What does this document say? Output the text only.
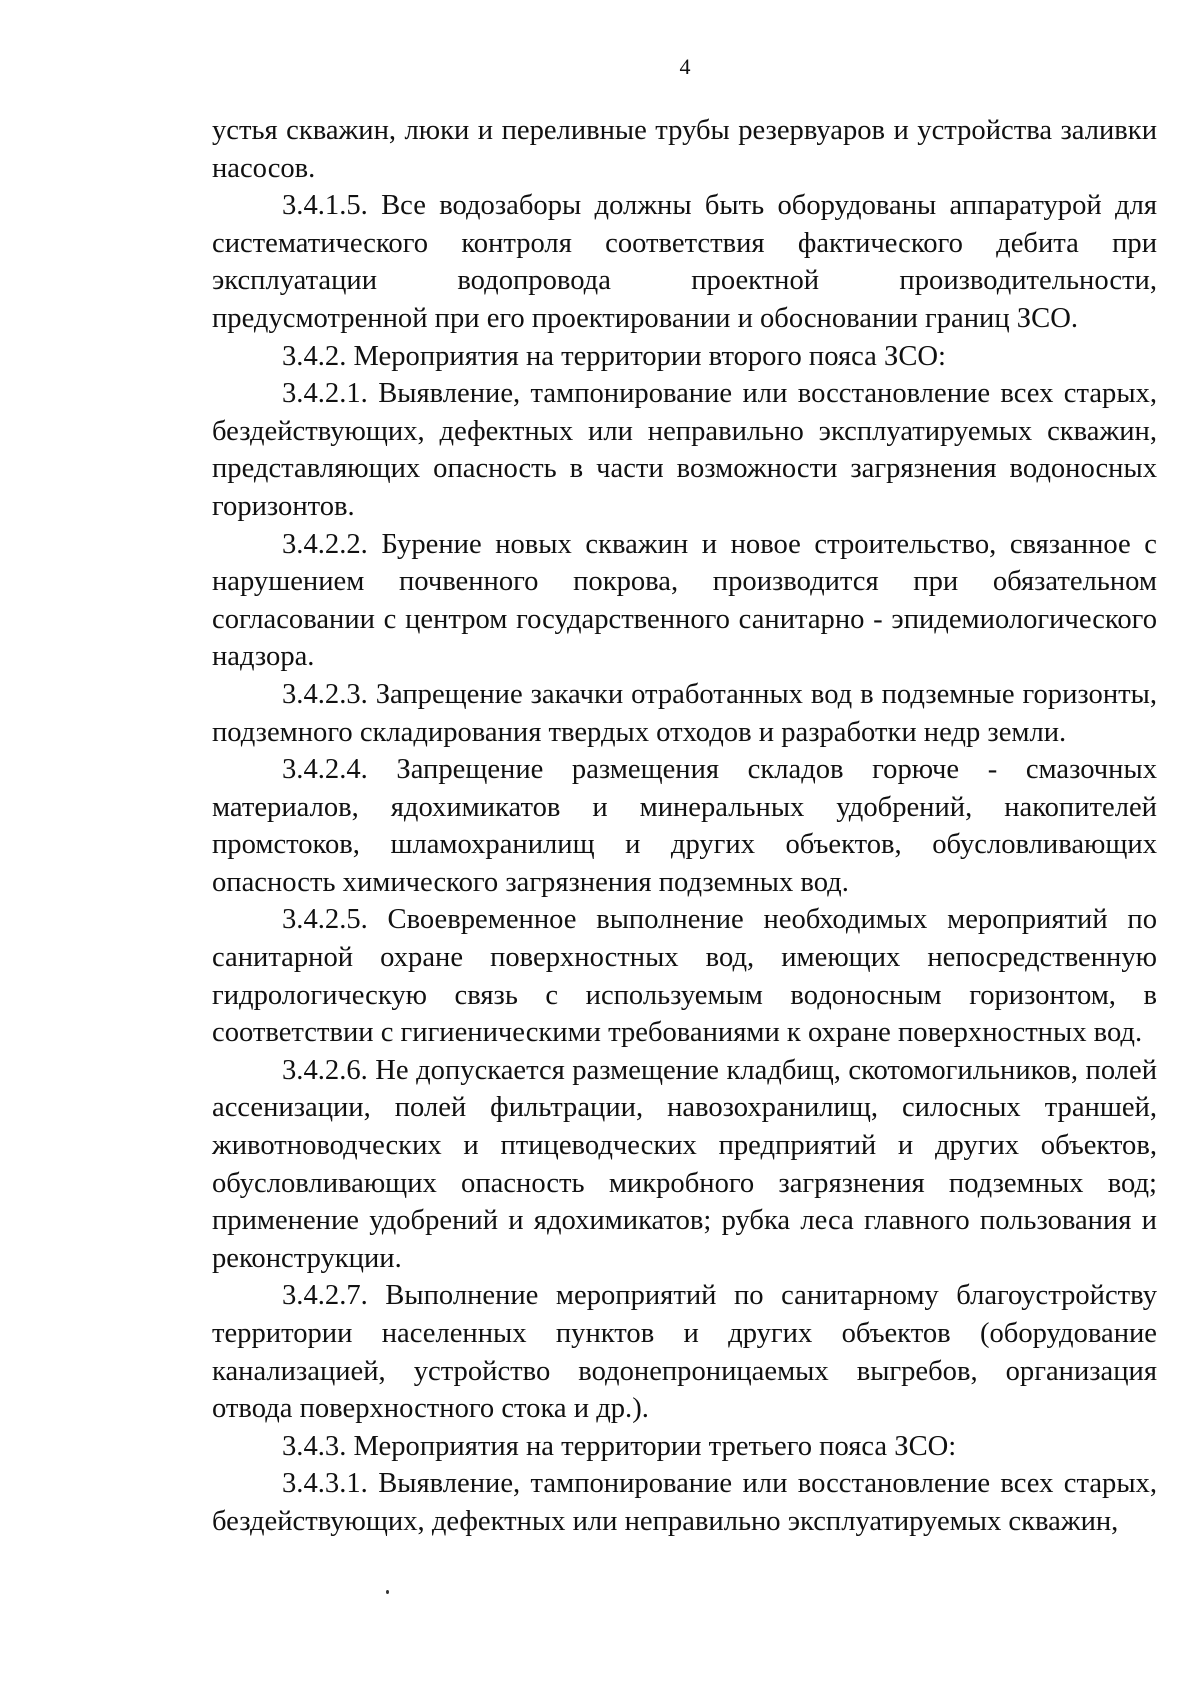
4

устья скважин, люки и переливные трубы резервуаров и устройства заливки насосов.

3.4.1.5. Все водозаборы должны быть оборудованы аппаратурой для систематического контроля соответствия фактического дебита при эксплуатации водопровода проектной производительности, предусмотренной при его проектировании и обосновании границ ЗСО.

3.4.2. Мероприятия на территории второго пояса ЗСО:

3.4.2.1. Выявление, тампонирование или восстановление всех старых, бездействующих, дефектных или неправильно эксплуатируемых скважин, представляющих опасность в части возможности загрязнения водоносных горизонтов.

3.4.2.2. Бурение новых скважин и новое строительство, связанное с нарушением почвенного покрова, производится при обязательном согласовании с центром государственного санитарно - эпидемиологического надзора.

3.4.2.3. Запрещение закачки отработанных вод в подземные горизонты, подземного складирования твердых отходов и разработки недр земли.

3.4.2.4. Запрещение размещения складов горюче - смазочных материалов, ядохимикатов и минеральных удобрений, накопителей промстоков, шламохранилищ и других объектов, обусловливающих опасность химического загрязнения подземных вод.

3.4.2.5. Своевременное выполнение необходимых мероприятий по санитарной охране поверхностных вод, имеющих непосредственную гидрологическую связь с используемым водоносным горизонтом, в соответствии с гигиеническими требованиями к охране поверхностных вод.

3.4.2.6. Не допускается размещение кладбищ, скотомогильников, полей ассенизации, полей фильтрации, навозохранилищ, силосных траншей, животноводческих и птицеводческих предприятий и других объектов, обусловливающих опасность микробного загрязнения подземных вод; применение удобрений и ядохимикатов; рубка леса главного пользования и реконструкции.

3.4.2.7. Выполнение мероприятий по санитарному благоустройству территории населенных пунктов и других объектов (оборудование канализацией, устройство водонепроницаемых выгребов, организация отвода поверхностного стока и др.).

3.4.3. Мероприятия на территории третьего пояса ЗСО:

3.4.3.1. Выявление, тампонирование или восстановление всех старых, бездействующих, дефектных или неправильно эксплуатируемых скважин,
